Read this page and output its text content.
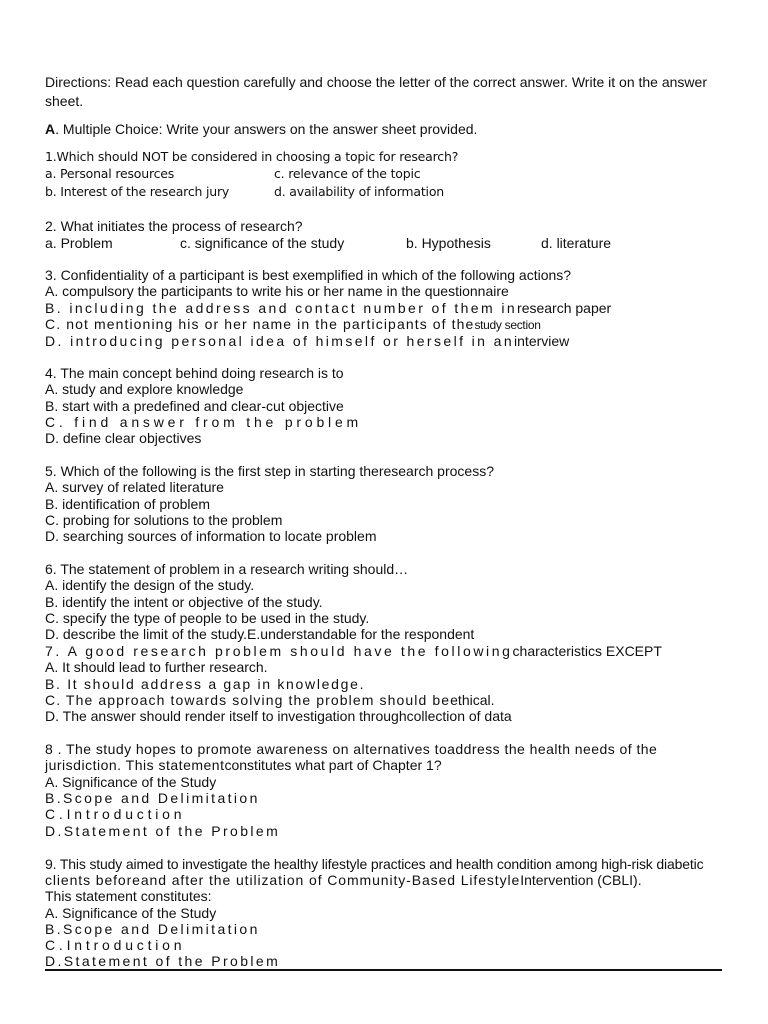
Directions: Read each question carefully and choose the letter of the correct answer. Write it on the answer

sheet.

A. Multiple Choice: Write your answers on the answer sheet provided.

1.Which should NOT be considered in choosing a topic for research?

a. Personal resources	c. relevance of the topic

b. Interest of the research jury	d. availability of information

2. What initiates the process of research?

a. Problem	c. significance of the study	b. Hypothesis	d. literature

3. Confidentiality of a participant is best exemplified in which of the following actions?

A. compulsory the participants to write his or her name in the questionnaire

B. including the address and contact number of them inresearch paper

C. not mentioning his or her name in the participants of thestudy section

D. introducing personal idea of himself or herself in aninterview

4. The main concept behind doing research is to

A. study and explore knowledge

B. start with a predefined and clear-cut objective

C. find answer from the problem

D. define clear objectives

5. Which of the following is the first step in starting theresearch process?

A. survey of related literature

B. identification of problem

C. probing for solutions to the problem

D. searching sources of information to locate problem

6. The statement of problem in a research writing should…

A. identify the design of the study.

B. identify the intent or objective of the study.

C. specify the type of people to be used in the study.

D. describe the limit of the study.E.understandable for the respondent

7. A good research problem should have the followingcharacteristics EXCEPT

A. It should lead to further research.

B. It should address a gap in knowledge.

C. The approach towards solving the problem should beethical.

D. The answer should render itself to investigation throughcollection of data

8 . The study hopes to promote awareness on alternatives toaddress the health needs of the

jurisdiction. This statementconstitutes what part of Chapter 1?

A. Significance of the Study

B.Scope and Delimitation

C.Introduction

D.Statement of the Problem

9. This study aimed to investigate the healthy lifestyle practices and health condition among high-risk diabetic

clients beforeand after the utilization of Community-Based LifestyleIntervention (CBLI).

This statement constitutes:

A. Significance of the Study

B.Scope and Delimitation

C.Introduction

D.Statement of the Problem
